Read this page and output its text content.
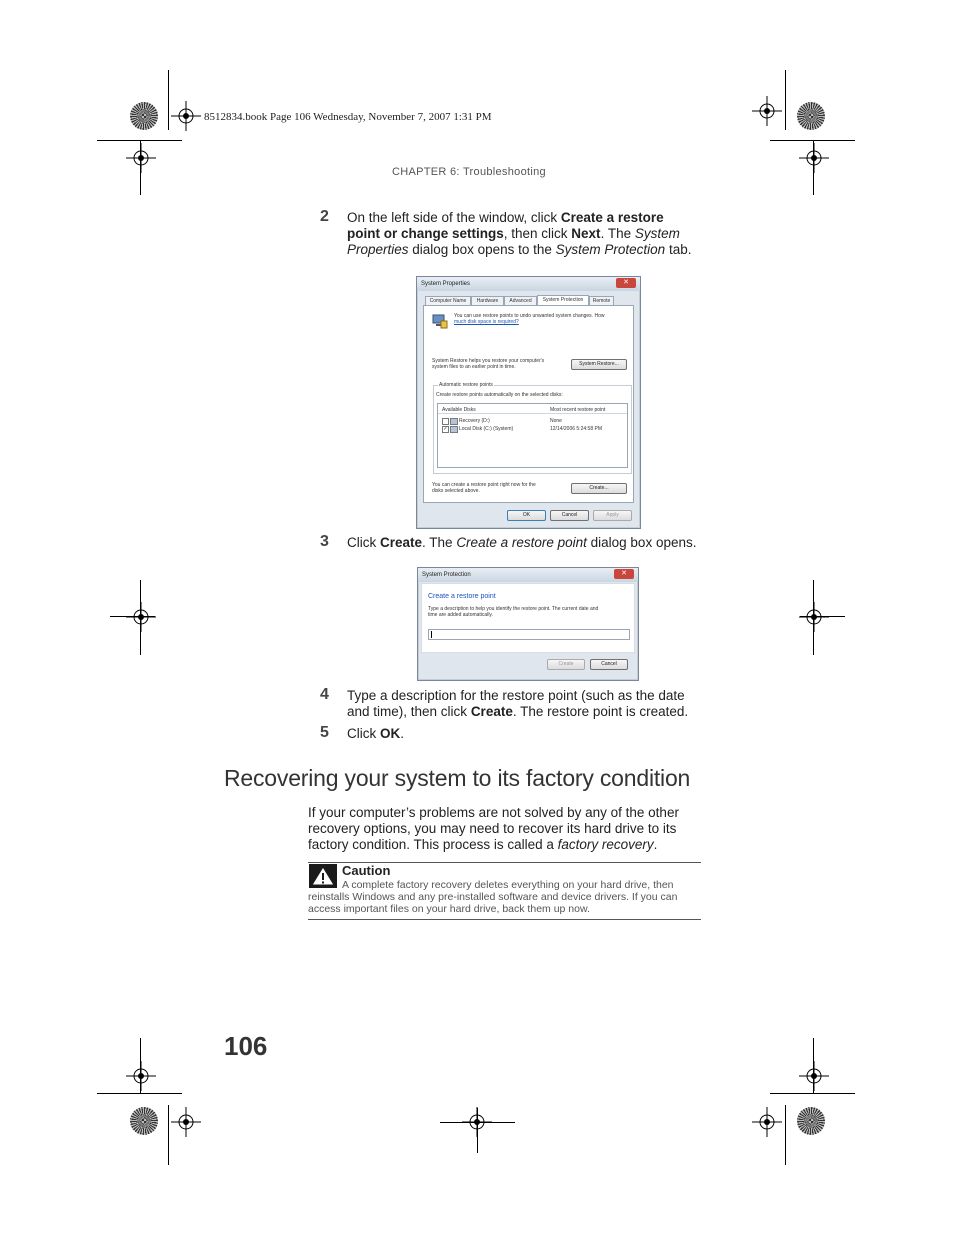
8512834.book Page 106 Wednesday, November 7, 2007 1:31 PM
CHAPTER 6: Troubleshooting
2 On the left side of the window, click Create a restore
point or change settings, then click Next. The System
Properties dialog box opens to the System Protection tab.
System Properties	✕
Computer Name	Hardware	Advanced	System Protection	Remote
You can use restore points to undo unwanted system changes. How
much disk space is required?
System Restore helps you restore your computer's
system files to an earlier point in time.	System Restore...
Automatic restore points
Create restore points automatically on the selected disks:
Available Disks	Most recent restore point
Recovery (D:)	None
✓ Local Disk (C:) (System)	12/14/2006 5:24:58 PM
You can create a restore point right now for the
disks selected above.	Create...
OK	Cancel	Apply
3 Click Create. The Create a restore point dialog box opens.
System Protection	✕
Create a restore point
Type a description to help you identify the restore point. The current date and
time are added automatically.
Create	Cancel
4 Type a description for the restore point (such as the date
and time), then click Create. The restore point is created.
5 Click OK.
Recovering your system to its factory condition
If your computer’s problems are not solved by any of the other
recovery options, you may need to recover its hard drive to its
factory condition. This process is called a factory recovery.
Caution
A complete factory recovery deletes everything on your hard drive, then
reinstalls Windows and any pre-installed software and device drivers. If you can
access important files on your hard drive, back them up now.
106
